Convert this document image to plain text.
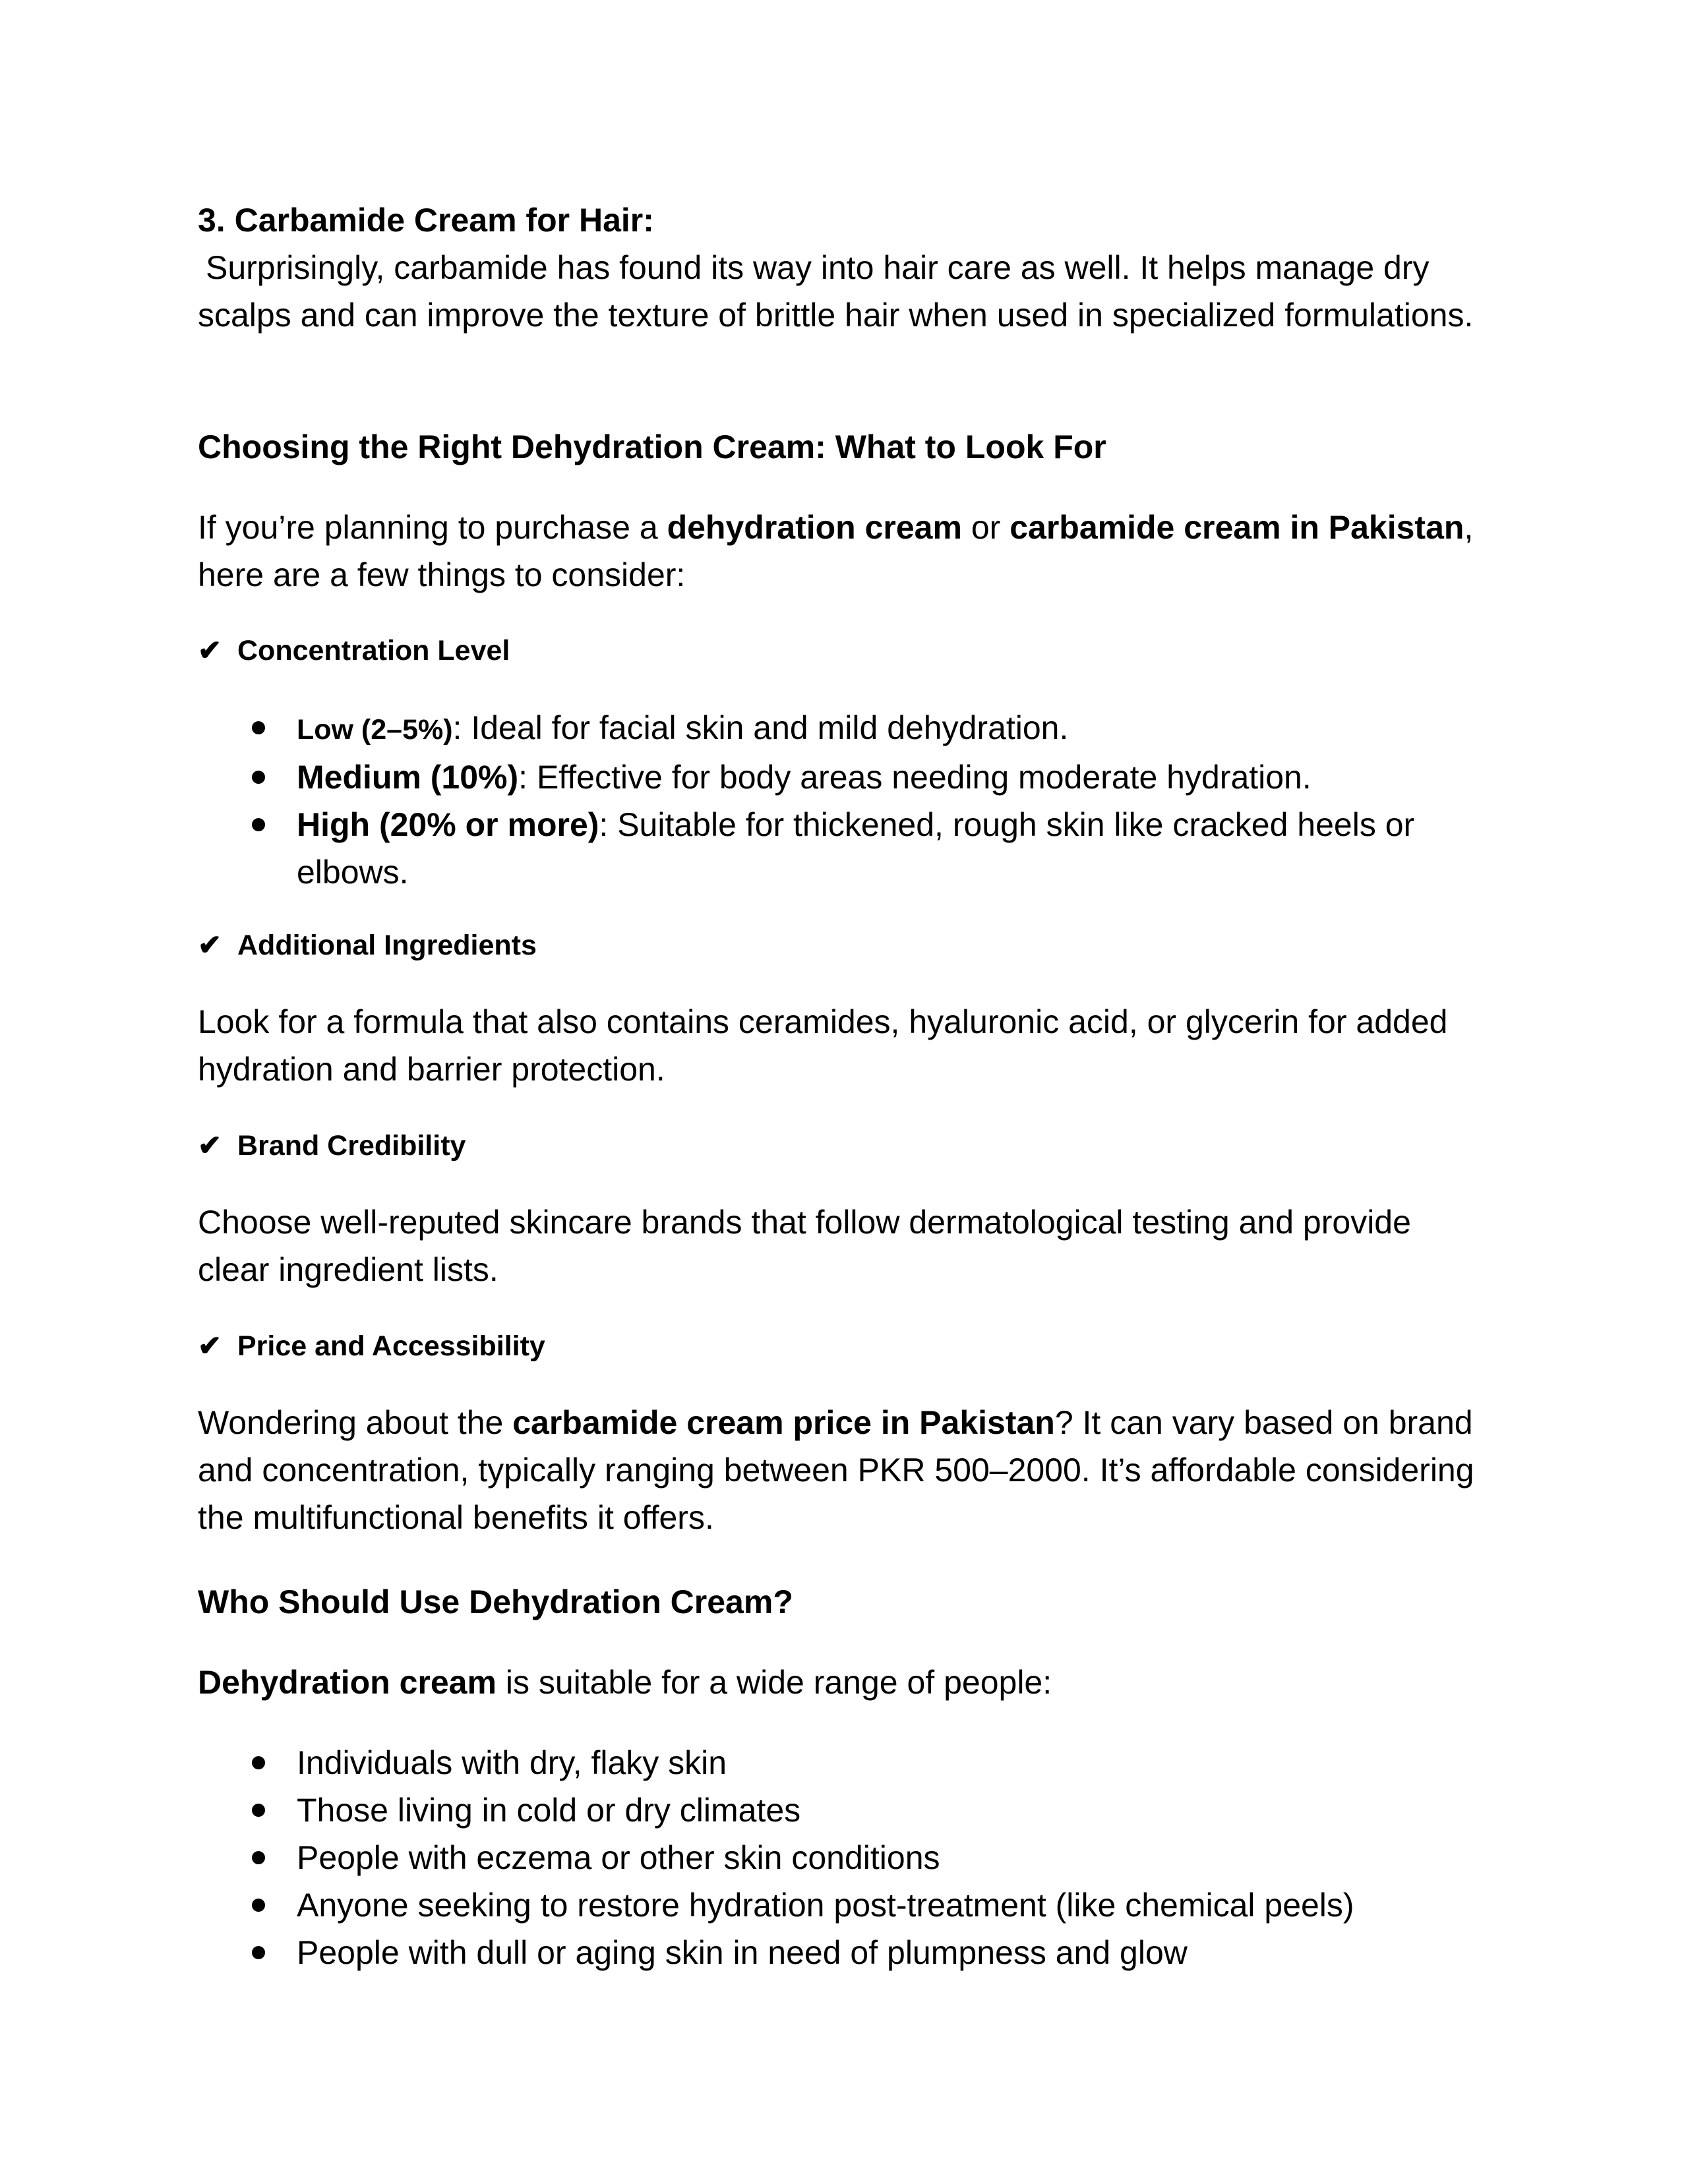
3. Carbamide Cream for Hair:
Surprisingly, carbamide has found its way into hair care as well. It helps manage dry scalps and can improve the texture of brittle hair when used in specialized formulations.
Choosing the Right Dehydration Cream: What to Look For
If you’re planning to purchase a dehydration cream or carbamide cream in Pakistan, here are a few things to consider:
✔ Concentration Level
Low (2–5%): Ideal for facial skin and mild dehydration.
Medium (10%): Effective for body areas needing moderate hydration.
High (20% or more): Suitable for thickened, rough skin like cracked heels or elbows.
✔ Additional Ingredients
Look for a formula that also contains ceramides, hyaluronic acid, or glycerin for added hydration and barrier protection.
✔ Brand Credibility
Choose well-reputed skincare brands that follow dermatological testing and provide clear ingredient lists.
✔ Price and Accessibility
Wondering about the carbamide cream price in Pakistan? It can vary based on brand and concentration, typically ranging between PKR 500–2000. It’s affordable considering the multifunctional benefits it offers.
Who Should Use Dehydration Cream?
Dehydration cream is suitable for a wide range of people:
Individuals with dry, flaky skin
Those living in cold or dry climates
People with eczema or other skin conditions
Anyone seeking to restore hydration post-treatment (like chemical peels)
People with dull or aging skin in need of plumpness and glow
